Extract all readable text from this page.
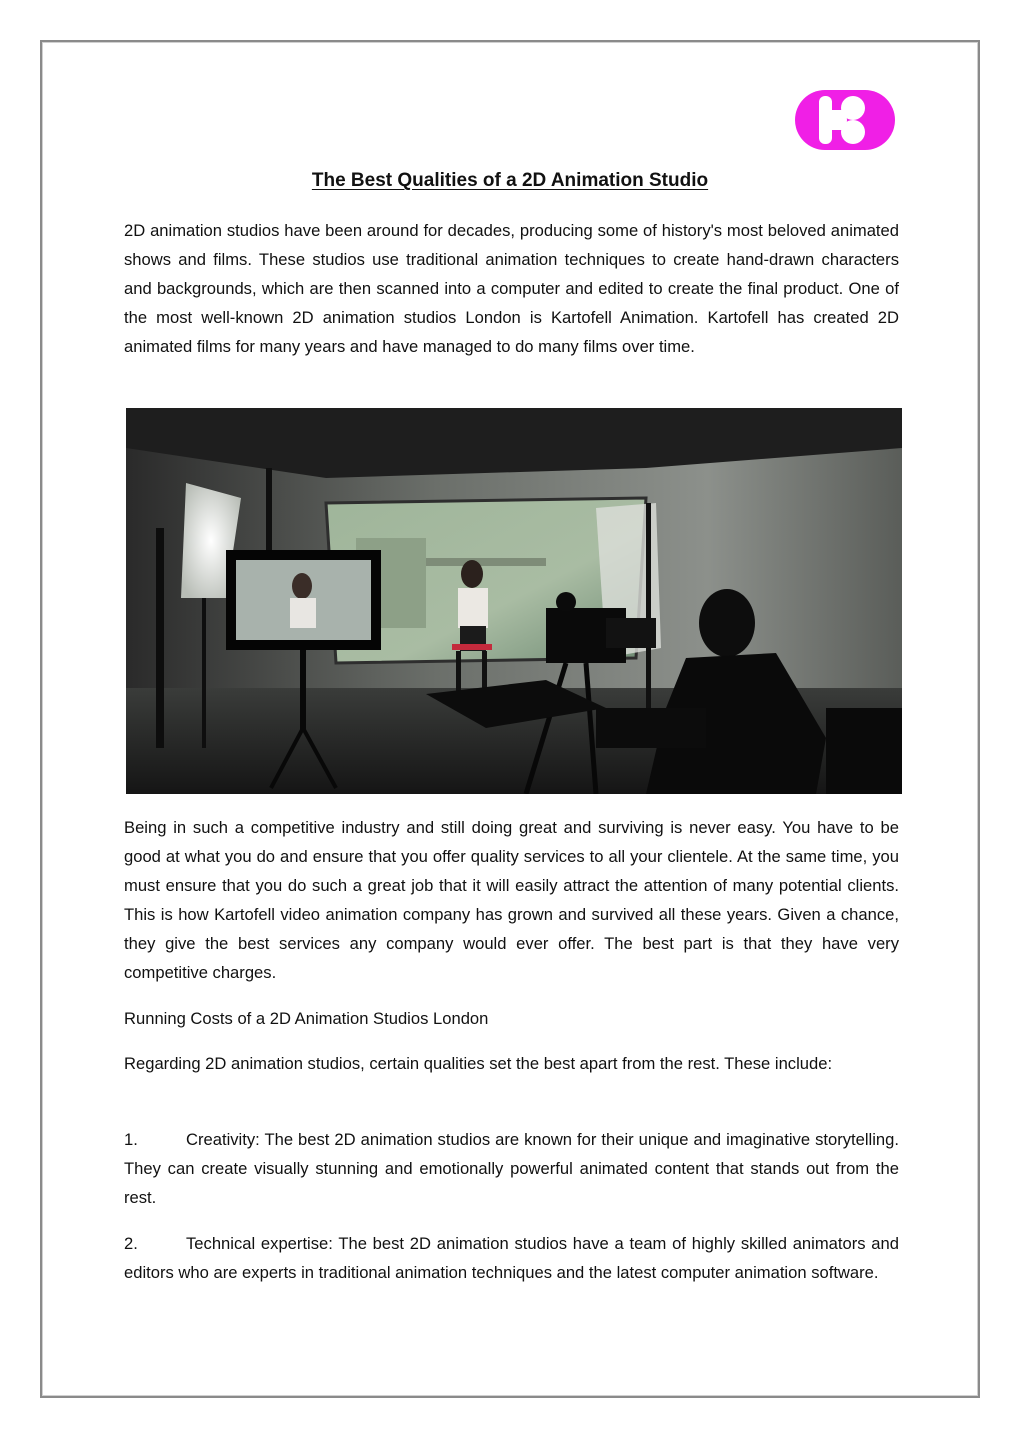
The Best Qualities of a 2D Animation Studio

2D animation studios have been around for decades, producing some of history's most beloved animated shows and films. These studios use traditional animation techniques to create hand-drawn characters and backgrounds, which are then scanned into a computer and edited to create the final product. One of the most well-known 2D animation studios London is Kartofell Animation. Kartofell has created 2D animated films for many years and have managed to do many films over time.

Being in such a competitive industry and still doing great and surviving is never easy. You have to be good at what you do and ensure that you offer quality services to all your clientele. At the same time, you must ensure that you do such a great job that it will easily attract the attention of many potential clients. This is how Kartofell video animation company has grown and survived all these years. Given a chance, they give the best services any company would ever offer. The best part is that they have very competitive charges.

Running Costs of a 2D Animation Studios London

Regarding 2D animation studios, certain qualities set the best apart from the rest. These include:

1.	Creativity: The best 2D animation studios are known for their unique and imaginative storytelling. They can create visually stunning and emotionally powerful animated content that stands out from the rest.

2.	Technical expertise: The best 2D animation studios have a team of highly skilled animators and editors who are experts in traditional animation techniques and the latest computer animation software.
